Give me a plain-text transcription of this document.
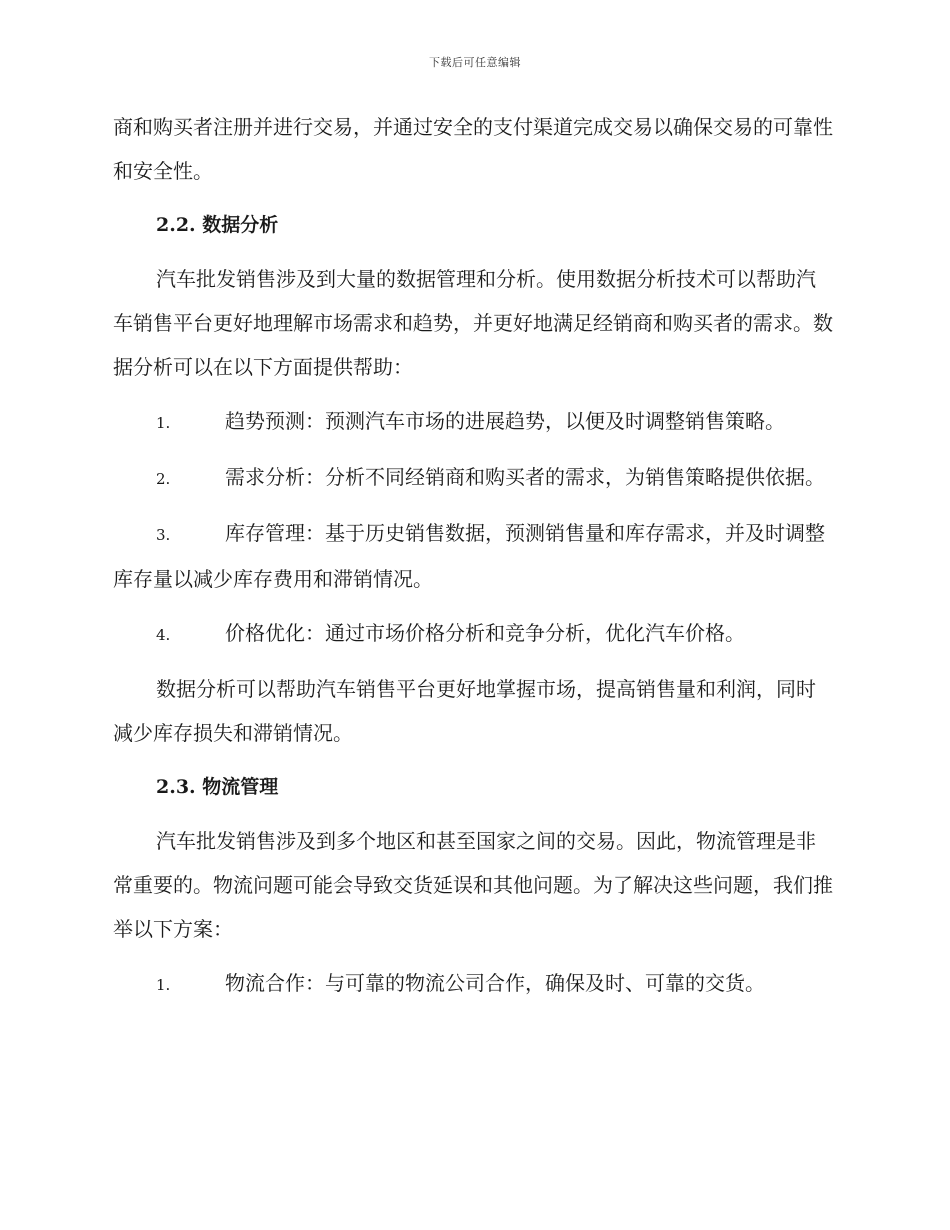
下载后可任意编辑

商和购买者注册并进行交易，并通过安全的支付渠道完成交易以确保交易的可靠性和安全性。

2.2. 数据分析

汽车批发销售涉及到大量的数据管理和分析。使用数据分析技术可以帮助汽车销售平台更好地理解市场需求和趋势，并更好地满足经销商和购买者的需求。数据分析可以在以下方面提供帮助：

1.	趋势预测：预测汽车市场的进展趋势，以便及时调整销售策略。

2.	需求分析：分析不同经销商和购买者的需求，为销售策略提供依据。

3.	库存管理：基于历史销售数据，预测销售量和库存需求，并及时调整库存量以减少库存费用和滞销情况。

4.	价格优化：通过市场价格分析和竞争分析，优化汽车价格。

数据分析可以帮助汽车销售平台更好地掌握市场，提高销售量和利润，同时减少库存损失和滞销情况。

2.3. 物流管理

汽车批发销售涉及到多个地区和甚至国家之间的交易。因此，物流管理是非常重要的。物流问题可能会导致交货延误和其他问题。为了解决这些问题，我们推举以下方案：

1.	物流合作：与可靠的物流公司合作，确保及时、可靠的交货。
